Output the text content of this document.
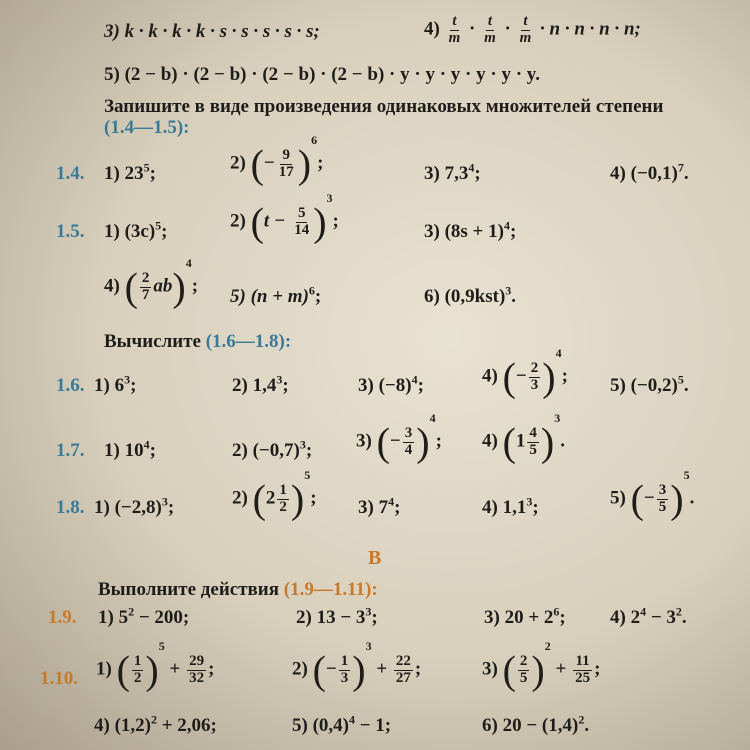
3) k · k · k · k · s · s · s · s · s;	$4) \frac{t}{m} \cdot \frac{t}{m} \cdot \frac{t}{m} \cdot n \cdot n \cdot n \cdot n$;
5) (2 − b) · (2 − b) · (2 − b) · (2 − b) · y · y · y · y · y · y.
Запишите в виде произведения одинаковых множителей степени
(1.4—1.5):
1.4. 1) $23^5$;	2) (− $\frac{9}{17} )^6$;	3) $7,3^4$;	4) $(-0,1)^7$.
1.5. 1) $(3c)^5$;	2) $(t - \frac{5}{14} )^3$;	3) $(8s + 1)^4$;
4) ( $\frac{2}{7} ab)^4$; 5) $(n + m)^6$;	6) $(0,9kst)^3$.
Вычислите (1.6—1.8):
1.6. 1) $6^3$;	2) $1,4^3$;	3) $(-8)^4$;	4) (− $\frac{2}{3} )^4$; 5) $(-0,2)^5$.
1.7. 1) $10^4$;	2) $(-0,7)^3$; 3) (− $\frac{3}{4} )^4$; 4) $(1 \frac{4}{5} )^3$.
1.8. 1) $(-2,8)^3$;	2) $(2 \frac{1}{2} )^5$; 3) $7^4$;	4) $1,1^3$;	5) (− $\frac{3}{5} )^5$.
B
Выполните действия (1.9—1.11):
1.9. 1) $5^2 - 200$;	2) $13 - 3^3$;	3) $20 + 2^6$; 4) $2^4 - 3^2$.
1.10. 1) ( $\frac{1}{2} )^5 + \frac{29}{32}$ ;	2) (− $\frac{1}{3} )^3 + \frac{22}{27}$ ;	3) ( $\frac{2}{5} )^2 + \frac{11}{25}$ ;
4) $(1,2)^2 + 2,06$;	5) $(0,4)^4 - 1$;	6) $20 - (1,4)^2$.
